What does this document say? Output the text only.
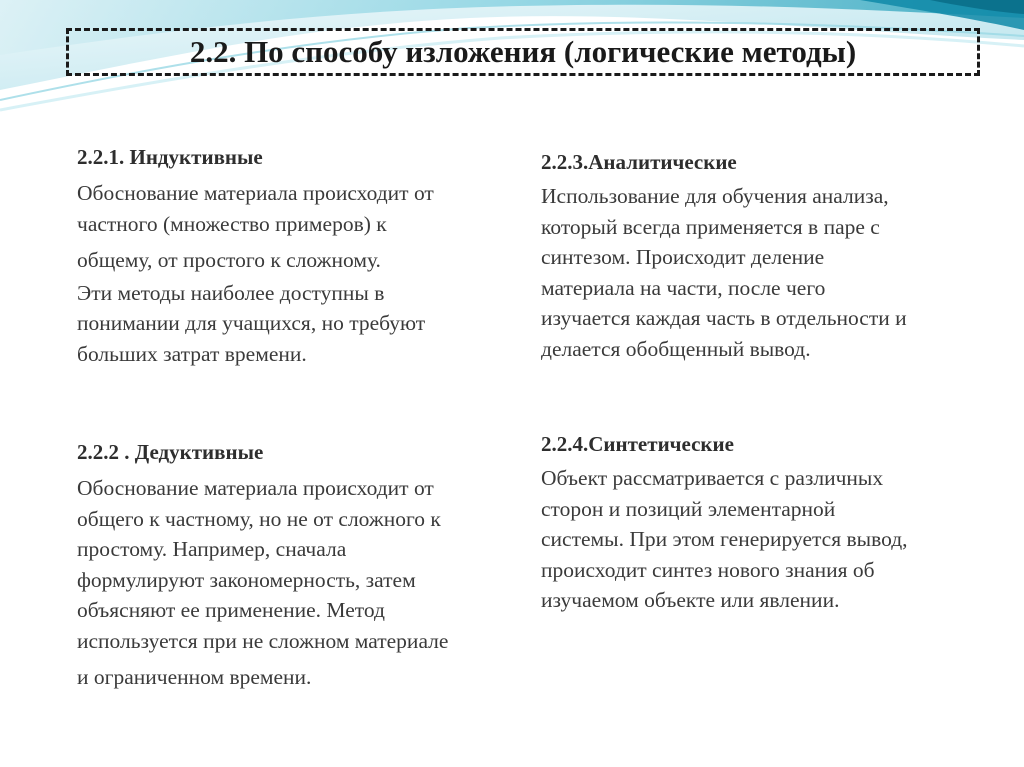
2.2. По способу изложения (логические методы)
2.2.1. Индуктивные
Обоснование материала происходит от
частного (множество примеров) к
общему, от простого к сложному.
Эти методы наиболее доступны в
понимании для учащихся, но требуют
больших затрат времени.
2.2.2 . Дедуктивные
Обоснование материала происходит от
общего к частному, но не от сложного к
простому. Например, сначала
формулируют закономерность, затем
объясняют ее применение. Метод
используется при не сложном материале
и ограниченном времени.
2.2.3.Аналитические
Использование для обучения анализа,
который всегда применяется в паре с
синтезом. Происходит деление
материала на части, после чего
изучается каждая часть в отдельности и
делается обобщенный вывод.
2.2.4.Синтетические
Объект рассматривается с различных
сторон и позиций элементарной
системы. При этом генерируется вывод,
происходит синтез нового знания об
изучаемом объекте или явлении.
